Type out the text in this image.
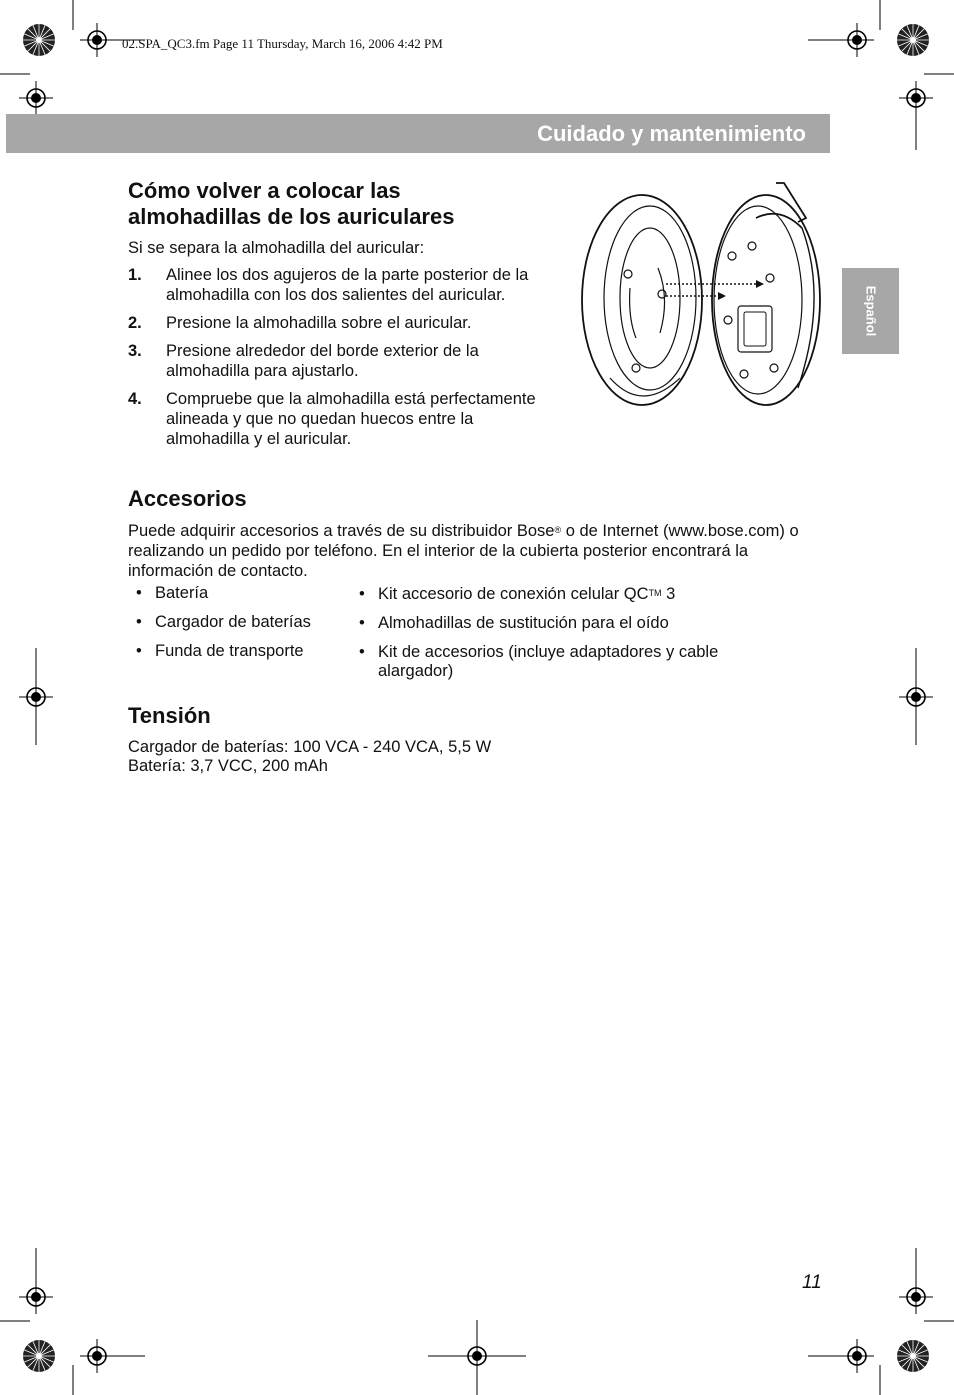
02.SPA_QC3.fm Page 11 Thursday, March 16, 2006 4:42 PM
Cuidado y mantenimiento
Español
Cómo volver a colocar las
almohadillas de los auriculares
Si se separa la almohadilla del auricular:
1. Alinee los dos agujeros de la parte posterior de la almohadilla con los dos salientes del auricular.
2. Presione la almohadilla sobre el auricular.
3. Presione alrededor del borde exterior de la almohadilla para ajustarlo.
4. Compruebe que la almohadilla está perfectamente alineada y que no quedan huecos entre la almohadilla y el auricular.
Accesorios
Puede adquirir accesorios a través de su distribuidor Bose® o de Internet (www.bose.com) o realizando un pedido por teléfono. En el interior de la cubierta posterior encontrará la información de contacto.
• Batería
• Cargador de baterías
• Funda de transporte
• Kit accesorio de conexión celular QC™ 3
• Almohadillas de sustitución para el oído
• Kit de accesorios (incluye adaptadores y cable alargador)
Tensión
Cargador de baterías: 100 VCA - 240 VCA, 5,5 W
Batería: 3,7 VCC, 200 mAh
11
